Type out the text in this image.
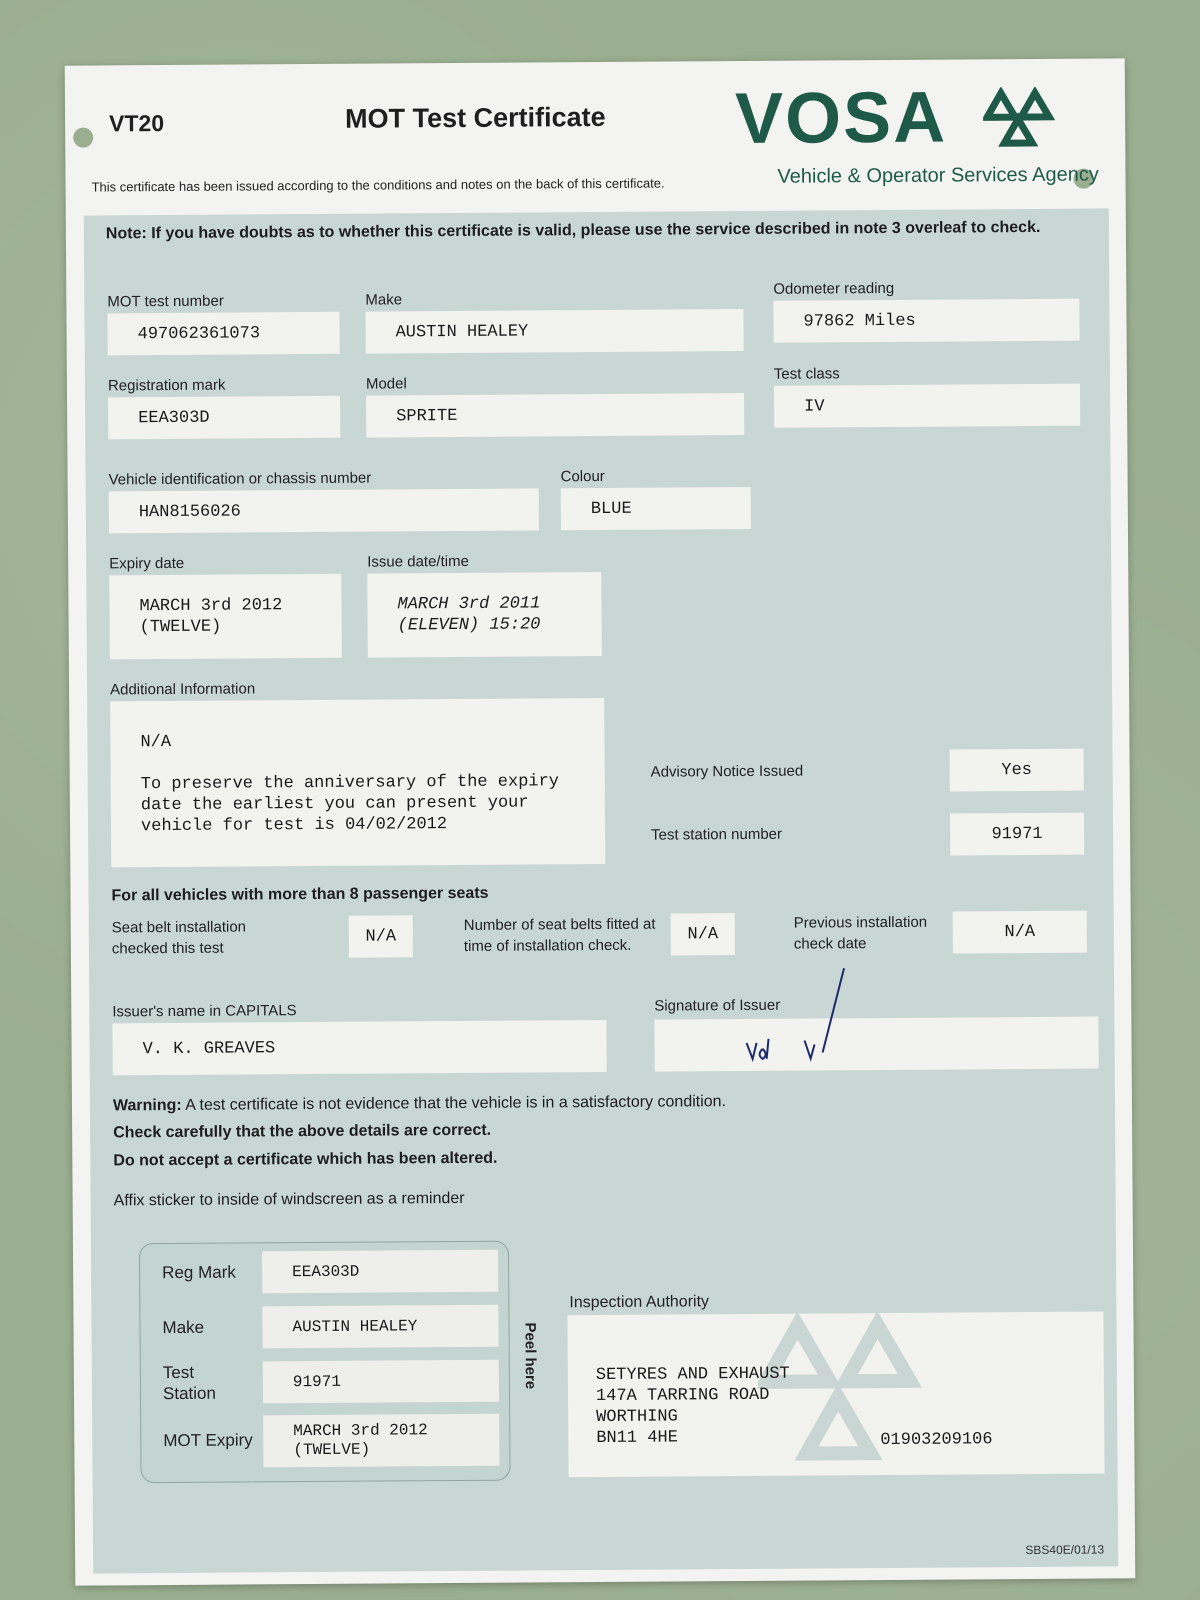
VT20	MOT Test Certificate
This certificate has been issued according to the conditions and notes on the back of this certificate.
VOSA
Vehicle & Operator Services Agency
Note: If you have doubts as to whether this certificate is valid, please use the service described in note 3 overleaf to check.
MOT test number
497062361073
Make
AUSTIN HEALEY
Odometer reading
97862 Miles
Registration mark
EEA303D
Model
SPRITE
Test class
IV
Vehicle identification or chassis number
HAN8156026
Colour
BLUE
Expiry date
MARCH 3rd 2012
(TWELVE)
Issue date/time
MARCH 3rd 2011
(ELEVEN) 15:20
Additional Information
N/A

To preserve the anniversary of the expiry
date the earliest you can present your
vehicle for test is 04/02/2012
Advisory Notice Issued	Yes
Test station number	91971
For all vehicles with more than 8 passenger seats
Seat belt installation
checked this test
N/A
Number of seat belts fitted at
time of installation check.
N/A
Previous installation
check date
N/A
Issuer's name in CAPITALS
V. K. GREAVES
Signature of Issuer
Warning: A test certificate is not evidence that the vehicle is in a satisfactory condition.
Check carefully that the above details are correct.
Do not accept a certificate which has been altered.
Affix sticker to inside of windscreen as a reminder
Reg Mark	EEA303D
Make	AUSTIN HEALEY
Test
Station
91971
MOT Expiry	MARCH 3rd 2012
(TWELVE)
Peel here
Inspection Authority
SETYRES AND EXHAUST
147A TARRING ROAD
WORTHING
BN11 4HE	01903209106
SBS40E/01/13
